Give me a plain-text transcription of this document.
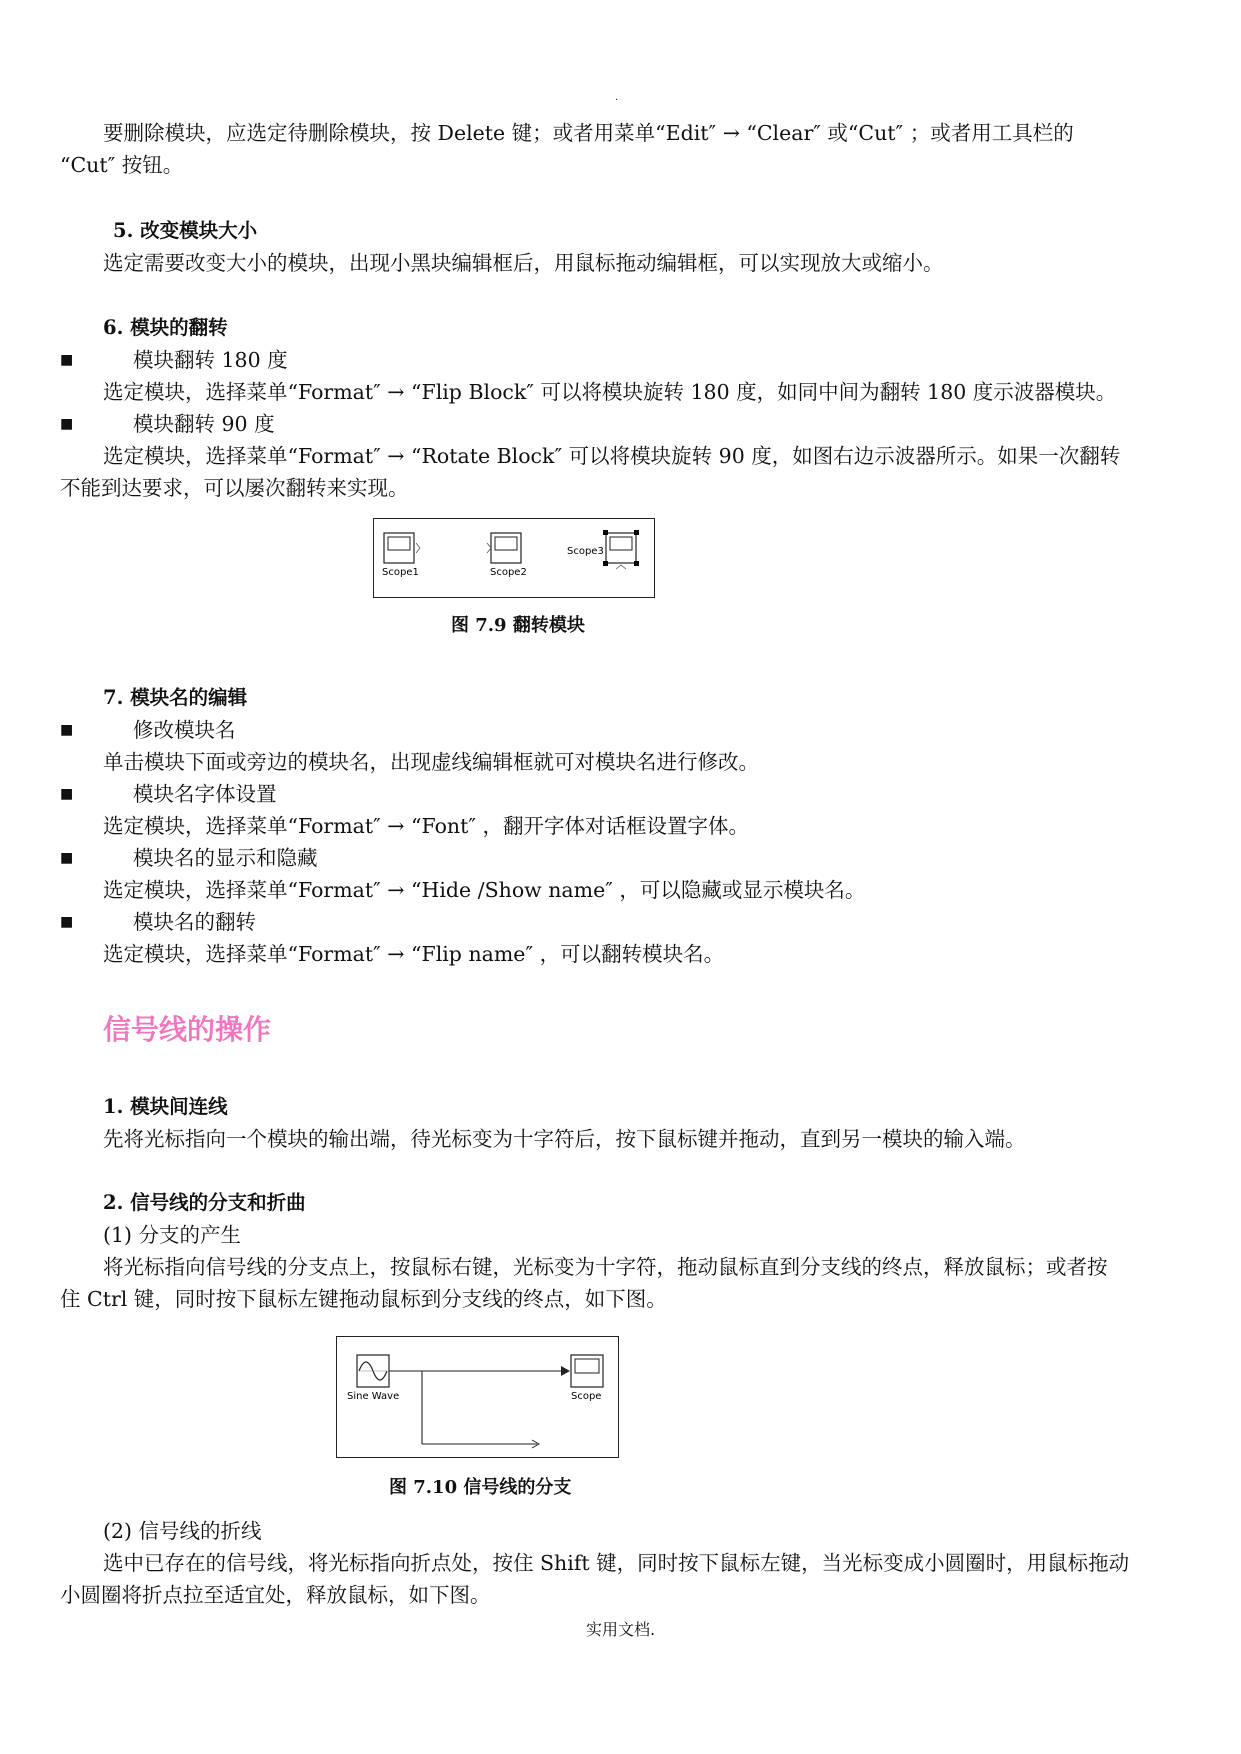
.
要删除模块，应选定待删除模块，按 Delete 键；或者用菜单“Edit″ → “Clear″ 或“Cut″ ；或者用工具栏的
“Cut″ 按钮。
5. 改变模块大小
选定需要改变大小的模块，出现小黑块编辑框后，用鼠标拖动编辑框，可以实现放大或缩小。
6. 模块的翻转
■	模块翻转 180 度
选定模块，选择菜单“Format″ → “Flip Block″ 可以将模块旋转 180 度，如同中间为翻转 180 度示波器模块。
■	模块翻转 90 度
选定模块，选择菜单“Format″ → “Rotate Block″ 可以将模块旋转 90 度，如图右边示波器所示。如果一次翻转
不能到达要求，可以屡次翻转来实现。
Scope1	Scope2
Scope3
图 7.9 翻转模块
7. 模块名的编辑
■	修改模块名
单击模块下面或旁边的模块名，出现虚线编辑框就可对模块名进行修改。
■	模块名字体设置
选定模块，选择菜单“Format″ → “Font″ ，翻开字体对话框设置字体。
■	模块名的显示和隐藏
选定模块，选择菜单“Format″ → “Hide /Show name″ ，可以隐藏或显示模块名。
■	模块名的翻转
选定模块，选择菜单“Format″ → “Flip name″ ，可以翻转模块名。
信号线的操作
1. 模块间连线
先将光标指向一个模块的输出端，待光标变为十字符后，按下鼠标键并拖动，直到另一模块的输入端。
2. 信号线的分支和折曲
(1) 分支的产生
将光标指向信号线的分支点上，按鼠标右键，光标变为十字符，拖动鼠标直到分支线的终点，释放鼠标；或者按
住 Ctrl 键，同时按下鼠标左键拖动鼠标到分支线的终点，如下图。
Sine Wave	Scope
图 7.10 信号线的分支
(2) 信号线的折线
选中已存在的信号线，将光标指向折点处，按住 Shift 键，同时按下鼠标左键，当光标变成小圆圈时，用鼠标拖动
小圆圈将折点拉至适宜处，释放鼠标，如下图。
实用文档.
